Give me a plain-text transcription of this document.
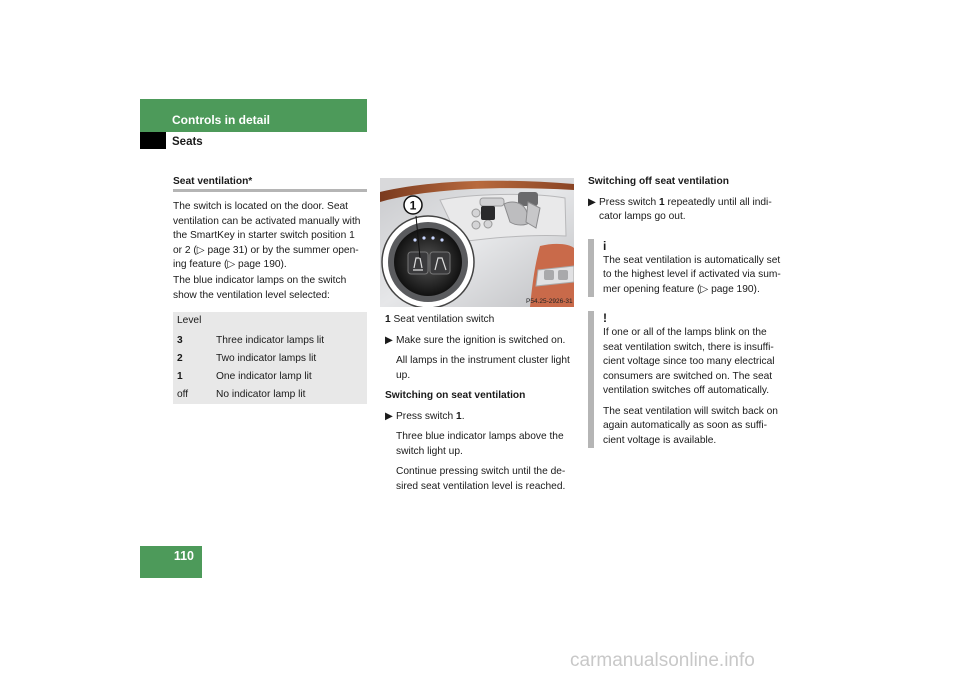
Controls in detail
Seats
Seat ventilation*
The switch is located on the door. Seat
ventilation can be activated manually with
the SmartKey in starter switch position 1
or 2 (▷ page 31) or by the summer open-
ing feature (▷ page 190).
The blue indicator lamps on the switch
show the ventilation level selected:
Level
3	Three indicator lamps lit
2	Two indicator lamps lit
1	One indicator lamp lit
off	No indicator lamp lit
1
P54.25-2926-31
1 Seat ventilation switch
▶ Make sure the ignition is switched on.
All lamps in the instrument cluster light
up.
Switching on seat ventilation
▶ Press switch 1.
Three blue indicator lamps above the
switch light up.
Continue pressing switch until the de-
sired seat ventilation level is reached.
Switching off seat ventilation
▶ Press switch 1 repeatedly until all indi-
cator lamps go out.
i
The seat ventilation is automatically set
to the highest level if activated via sum-
mer opening feature (▷ page 190).
!
If one or all of the lamps blink on the
seat ventilation switch, there is insuffi-
cient voltage since too many electrical
consumers are switched on. The seat
ventilation switches off automatically.
The seat ventilation will switch back on
again automatically as soon as suffi-
cient voltage is available.
110
carmanualsonline.info
